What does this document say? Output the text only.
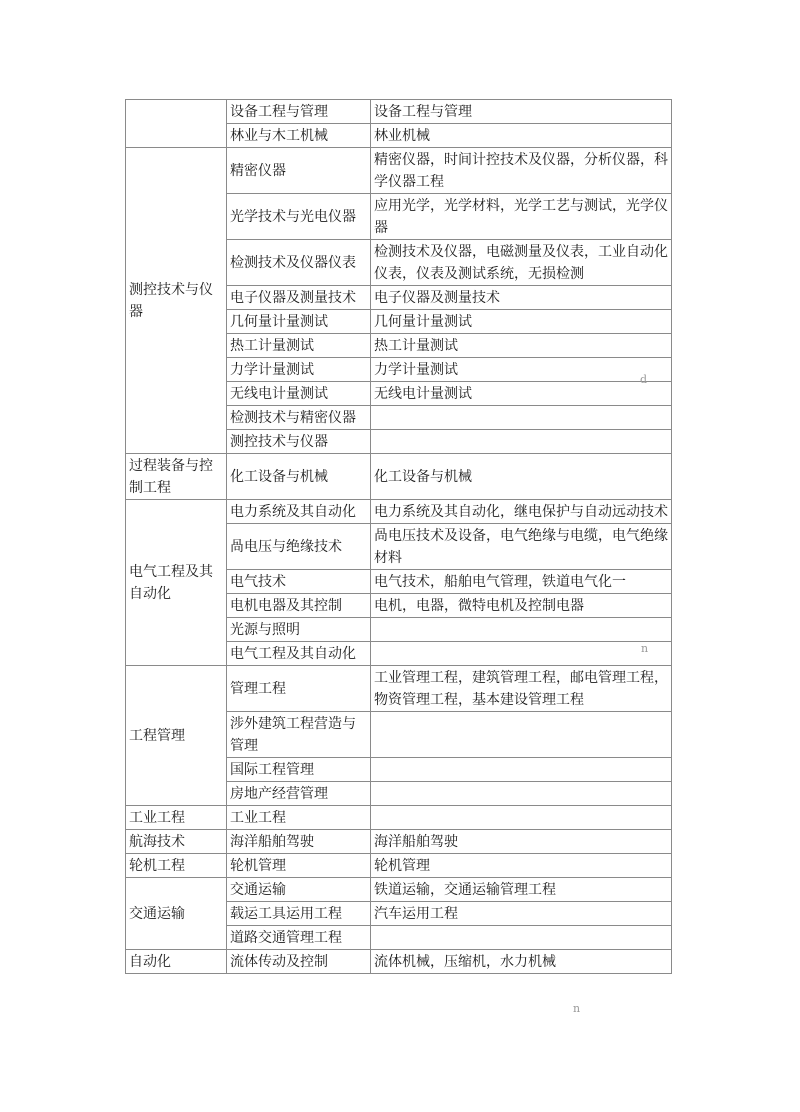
	设备工程与管理	设备工程与管理
	林业与木工机械	林业机械
测控技术与仪器	精密仪器	精密仪器，时间计控技术及仪器，分析仪器，科学仪器工程
	光学技术与光电仪器	应用光学，光学材料，光学工艺与测试，光学仪器
	检测技术及仪器仪表	检测技术及仪器，电磁测量及仪表，工业自动化仪表，仪表及测试系统，无损检测
	电子仪器及测量技术	电子仪器及测量技术
	几何量计量测试	几何量计量测试
	热工计量测试	热工计量测试
	力学计量测试	力学计量测试
	无线电计量测试	无线电计量测试
	检测技术与精密仪器	
	测控技术与仪器	
过程装备与控制工程	化工设备与机械	化工设备与机械
电气工程及其自动化	电力系统及其自动化	电力系统及其自动化，继电保护与自动远动技术
	咼电压与绝缘技术	咼电压技术及设备，电气绝缘与电缆，电气绝缘材料
	电气技术	电气技术，船舶电气管理，铁道电气化一
	电机电器及其控制	电机，电器，微特电机及控制电器
	光源与照明	
	电气工程及其自动化	
工程管理	管理工程	工业管理工程，建筑管理工程，邮电管理工程，物资管理工程，基本建设管理工程
	涉外建筑工程营造与管理	
	国际工程管理	
	房地产经营管理	
工业工程	工业工程	
航海技术	海洋船舶驾驶	海洋船舶驾驶
轮机工程	轮机管理	轮机管理
交通运输	交通运输	铁道运输，交通运输管理工程
	载运工具运用工程	汽车运用工程
	道路交通管理工程	
自动化	流体传动及控制	流体机械，压缩机，水力机械
d
n
n
